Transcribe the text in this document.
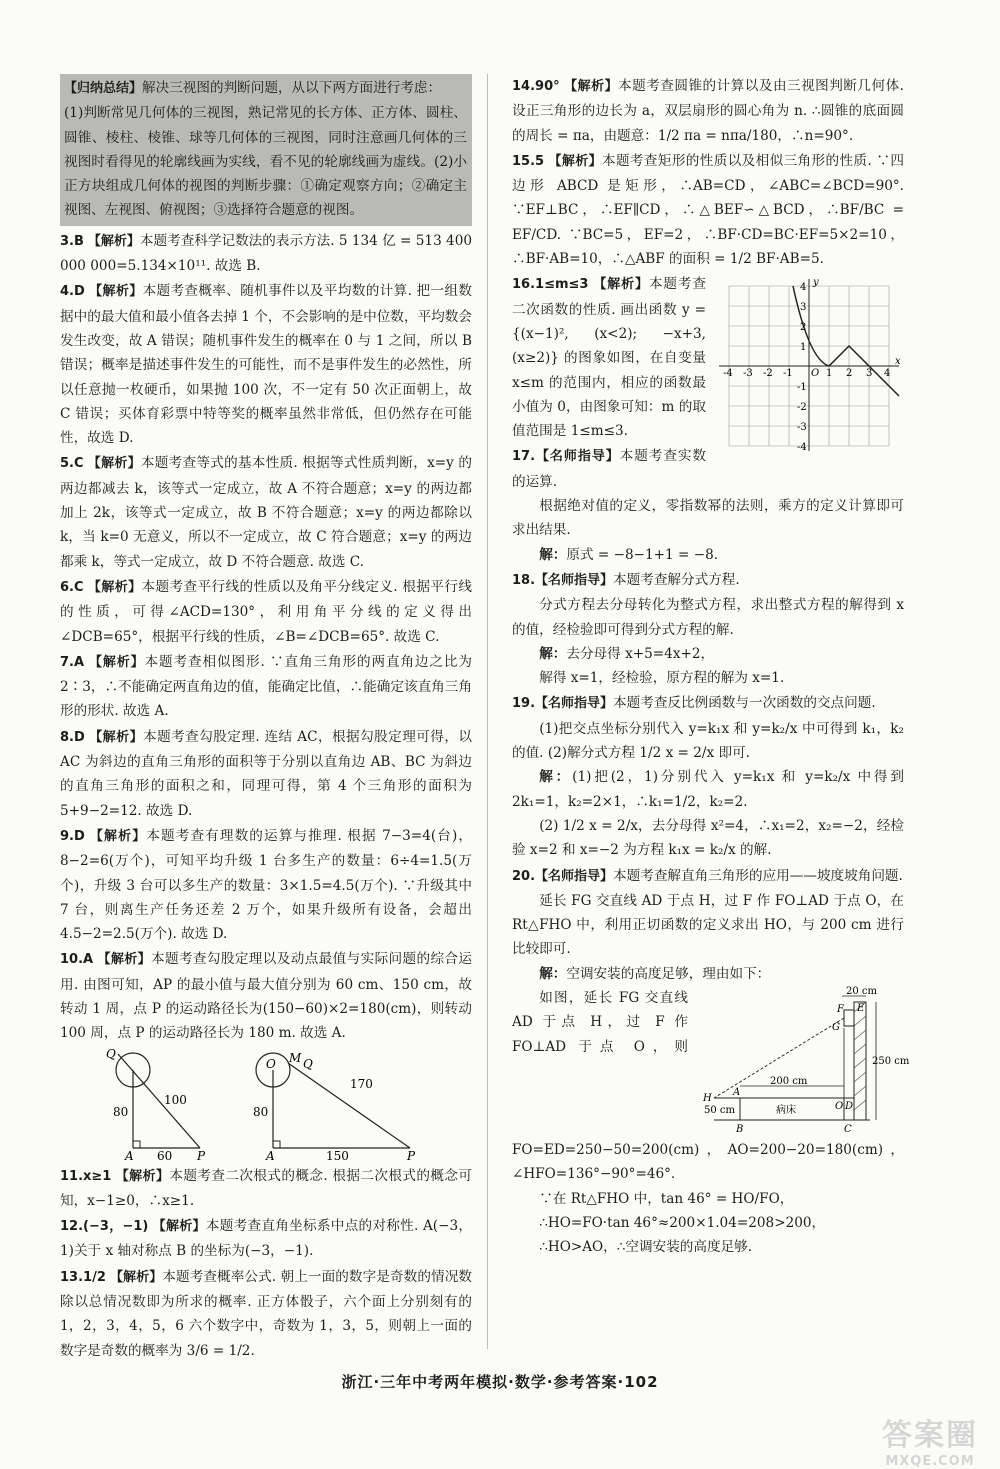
【归纳总结】解决三视图的判断问题，从以下两方面进行考虑：

(1)判断常见几何体的三视图，熟记常见的长方体、正方体、圆柱、圆锥、棱柱、棱锥、球等几何体的三视图，同时注意画几何体的三视图时看得见的轮廓线画为实线，看不见的轮廓线画为虚线。(2)小正方块组成几何体的视图的判断步骤：①确定观察方向；②确定主视图、左视图、俯视图；③选择符合题意的视图。

3.B 【解析】本题考查科学记数法的表示方法. 5 134 亿 = 513 400 000 000=5.134×10¹¹. 故选 B.
4.D 【解析】本题考查概率、随机事件以及平均数的计算. 把一组数据中的最大值和最小值各去掉 1 个，不会影响的是中位数，平均数会发生改变，故 A 错误；随机事件发生的概率在 0 与 1 之间，所以 B 错误；概率是描述事件发生的可能性，而不是事件发生的必然性，所以任意抛一枚硬币，如果抛 100 次，不一定有 50 次正面朝上，故 C 错误；买体育彩票中特等奖的概率虽然非常低，但仍然存在可能性，故选 D.
5.C 【解析】本题考查等式的基本性质. 根据等式性质判断，x=y 的两边都减去 k，该等式一定成立，故 A 不符合题意；x=y 的两边都加上 2k，该等式一定成立，故 B 不符合题意；x=y 的两边都除以 k，当 k=0 无意义，所以不一定成立，故 C 符合题意；x=y 的两边都乘 k，等式一定成立，故 D 不符合题意. 故选 C.
6.C 【解析】本题考查平行线的性质以及角平分线定义. 根据平行线的性质，可得∠ACD=130°，利用角平分线的定义得出∠DCB=65°，根据平行线的性质，∠B=∠DCB=65°. 故选 C.
7.A 【解析】本题考查相似图形. ∵直角三角形的两直角边之比为 2∶3，∴不能确定两直角边的值，能确定比值，∴能确定该直角三角形的形状. 故选 A.
8.D 【解析】本题考查勾股定理. 连结 AC，根据勾股定理可得，以 AC 为斜边的直角三角形的面积等于分别以直角边 AB、BC 为斜边的直角三角形的面积之和，同理可得，第 4 个三角形的面积为 5+9−2=12. 故选 D.
9.D 【解析】本题考查有理数的运算与推理. 根据 7−3=4(台)，8−2=6(万个)，可知平均升级 1 台多生产的数量：6÷4=1.5(万个)，升级 3 台可以多生产的数量：3×1.5=4.5(万个). ∵升级其中 7 台，则离生产任务还差 2 万个，如果升级所有设备，会超出 4.5−2=2.5(万个). 故选 D.
10.A 【解析】本题考查勾股定理以及动点最值与实际问题的综合运用. 由图可知，AP 的最小值与最大值分别为 60 cm、150 cm，故转动 1 周，点 P 的运动路径长为(150−60)×2=180(cm)，则转动 100 周，点 P 的运动路径长为 180 m. 故选 A.
Q
80
A 60 P
100
O M Q
80
A	150	P
170
11.x≥1 【解析】本题考查二次根式的概念. 根据二次根式的概念可知，x−1≥0，∴x≥1.
12.(−3，−1) 【解析】本题考查直角坐标系中点的对称性. A(−3，1)关于 x 轴对称点 B 的坐标为(−3，−1).
13.1/2 【解析】本题考查概率公式. 朝上一面的数字是奇数的情况数除以总情况数即为所求的概率. 正方体骰子，六个面上分别刻有的 1，2，3，4，5，6 六个数字中，奇数为 1，3，5，则朝上一面的数字是奇数的概率为 3/6 = 1/2.
14.90° 【解析】本题考查圆锥的计算以及由三视图判断几何体. 设正三角形的边长为 a，双层扇形的圆心角为 n. ∴圆锥的底面圆的周长 = πa，由题意：1/2 πa = nπa/180，∴n=90°.
15.5 【解析】本题考查矩形的性质以及相似三角形的性质. ∵四边形 ABCD 是矩形，∴AB=CD，∠ABC=∠BCD=90°. ∵EF⊥BC，∴EF∥CD，∴△BEF∽△BCD，∴BF/BC = EF/CD. ∵BC=5，EF=2，∴BF·CD=BC·EF=5×2=10，∴BF·AB=10，∴△ABF 的面积 = 1/2 BF·AB=5.
x
y
O
-4 -3 -2 -1	1 2 3 4
4
3
2
1
-1
-2
-3
-4
16.1≤m≤3 【解析】本题考查二次函数的性质. 画出函数 y = {(x−1)², (x<2); −x+3, (x≥2)} 的图象如图，在自变量 x≤m 的范围内，相应的函数最小值为 0，由图象可知：m 的取值范围是 1≤m≤3.

17.【名师指导】本题考查实数的运算.

根据绝对值的定义，零指数幂的法则，乘方的定义计算即可求出结果.

解：原式 = −8−1+1 = −8.

18.【名师指导】本题考查解分式方程.

分式方程去分母转化为整式方程，求出整式方程的解得到 x 的值，经检验即可得到分式方程的解.

解：去分母得 x+5=4x+2，

解得 x=1，经检验，原方程的解为 x=1.

19.【名师指导】本题考查反比例函数与一次函数的交点问题.

(1)把交点坐标分别代入 y=k₁x 和 y=k₂/x 中可得到 k₁，k₂ 的值. (2)解分式方程 1/2 x = 2/x 即可.

解：(1)把(2，1)分别代入 y=k₁x 和 y=k₂/x 中得到 2k₁=1，k₂=2×1，∴k₁=1/2，k₂=2.

(2) 1/2 x = 2/x，去分母得 x²=4，∴x₁=2，x₂=−2，经检验 x=2 和 x=−2 为方程 k₁x = k₂/x 的解.

20.【名师指导】本题考查解直角三角形的应用——坡度坡角问题.

延长 FG 交直线 AD 于点 H，过 F 作 FO⊥AD 于点 O，在 Rt△FHO 中，利用正切函数的定义求出 HO，与 200 cm 进行比较即可.

解：空调安装的高度足够，理由如下：

20 cm
200 cm
病床
250 cm
50 cm
F E
G
H
A
O D
B	C

如图，延长 FG 交直线 AD 于点 H，过 F 作 FO⊥AD 于点 O，则 FO=ED=250−50=200(cm)，AO=200−20=180(cm)，∠HFO=136°−90°=46°.

∵在 Rt△FHO 中，tan 46° = HO/FO，

∴HO=FO·tan 46°≈200×1.04=208>200，

∴HO>AO，∴空调安装的高度足够.

浙江·三年中考两年模拟·数学·参考答案·102
答案圈
MXQE.COM
